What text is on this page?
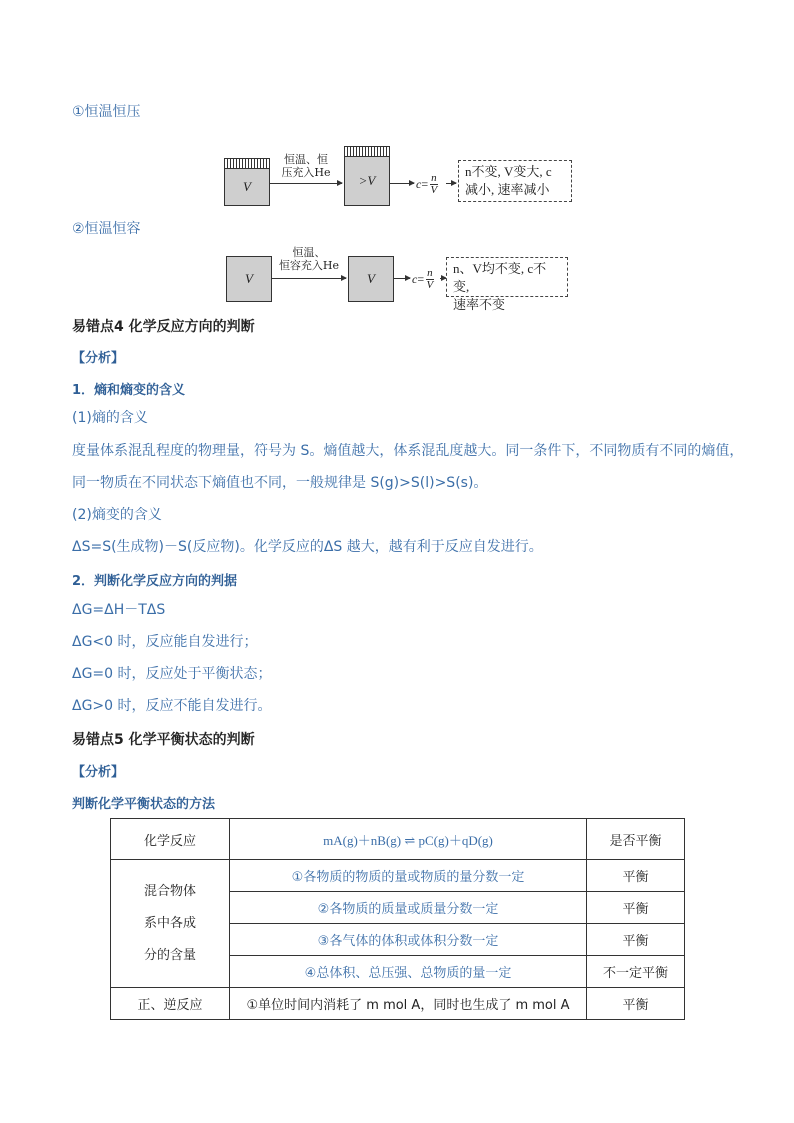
①恒温恒压
V
恒温、恒
压充入He
>V	$c = \frac{n}{V}$
n不变, V变大, c
减小, 速率减小
②恒温恒容
V
恒温、
恒容充入He
V	$c = \frac{n}{V}$ n、V均不变, c不变,
速率不变
易错点4 化学反应方向的判断
【分析】
1．熵和熵变的含义
(1)熵的含义
度量体系混乱程度的物理量，符号为 S。熵值越大，体系混乱度越大。同一条件下，不同物质有不同的熵值，
同一物质在不同状态下熵值也不同，一般规律是 S(g)>S(l)>S(s)。
(2)熵变的含义
ΔS=S(生成物)－S(反应物)。化学反应的ΔS 越大，越有利于反应自发进行。
2．判断化学反应方向的判据
ΔG=ΔH－TΔS
ΔG<0 时，反应能自发进行；
ΔG=0 时，反应处于平衡状态；
ΔG>0 时，反应不能自发进行。
易错点5 化学平衡状态的判断
【分析】
判断化学平衡状态的方法
化学反应	mA(g)＋nB(g) ⇌ pC(g)＋qD(g)	是否平衡

混合物体
系中各成
分的含量	①各物质的物质的量或物质的量分数一定	平衡
	②各物质的质量或质量分数一定	平衡
	③各气体的体积或体积分数一定	平衡
	④总体积、总压强、总物质的量一定	不一定平衡
正、逆反应	①单位时间内消耗了 m mol A，同时也生成了 m mol A	平衡
